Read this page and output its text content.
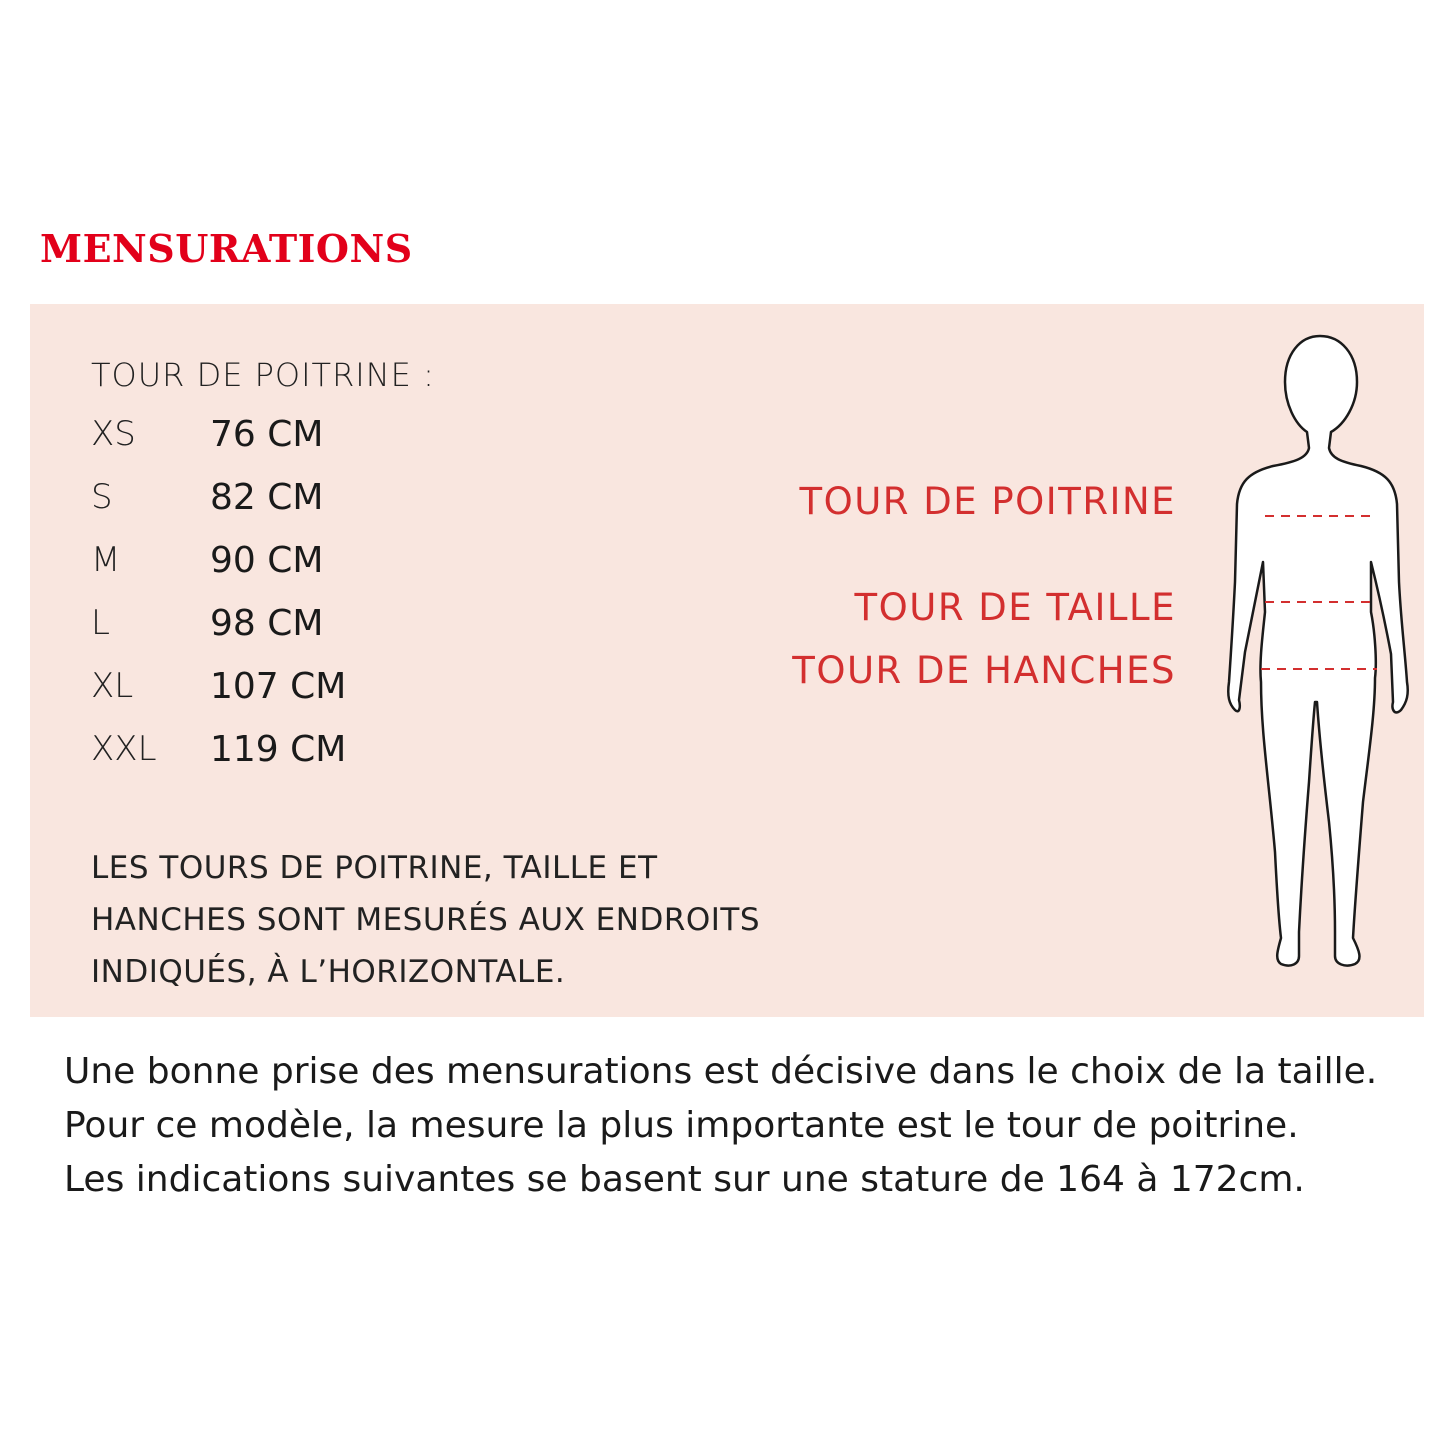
MENSURATIONS
TOUR DE POITRINE :
XS 76 CM
S	82 CM
M 90 CM
L	98 CM
XL 107 CM
XXL 119 CM
LES TOURS DE POITRINE, TAILLE ET
HANCHES SONT MESURÉS AUX ENDROITS
INDIQUÉS, À L’HORIZONTALE.
TOUR DE POITRINE
TOUR DE TAILLE
TOUR DE HANCHES
Une bonne prise des mensurations est décisive dans le choix de la taille.
Pour ce modèle, la mesure la plus importante est le tour de poitrine.
Les indications suivantes se basent sur une stature de 164 à 172cm.
